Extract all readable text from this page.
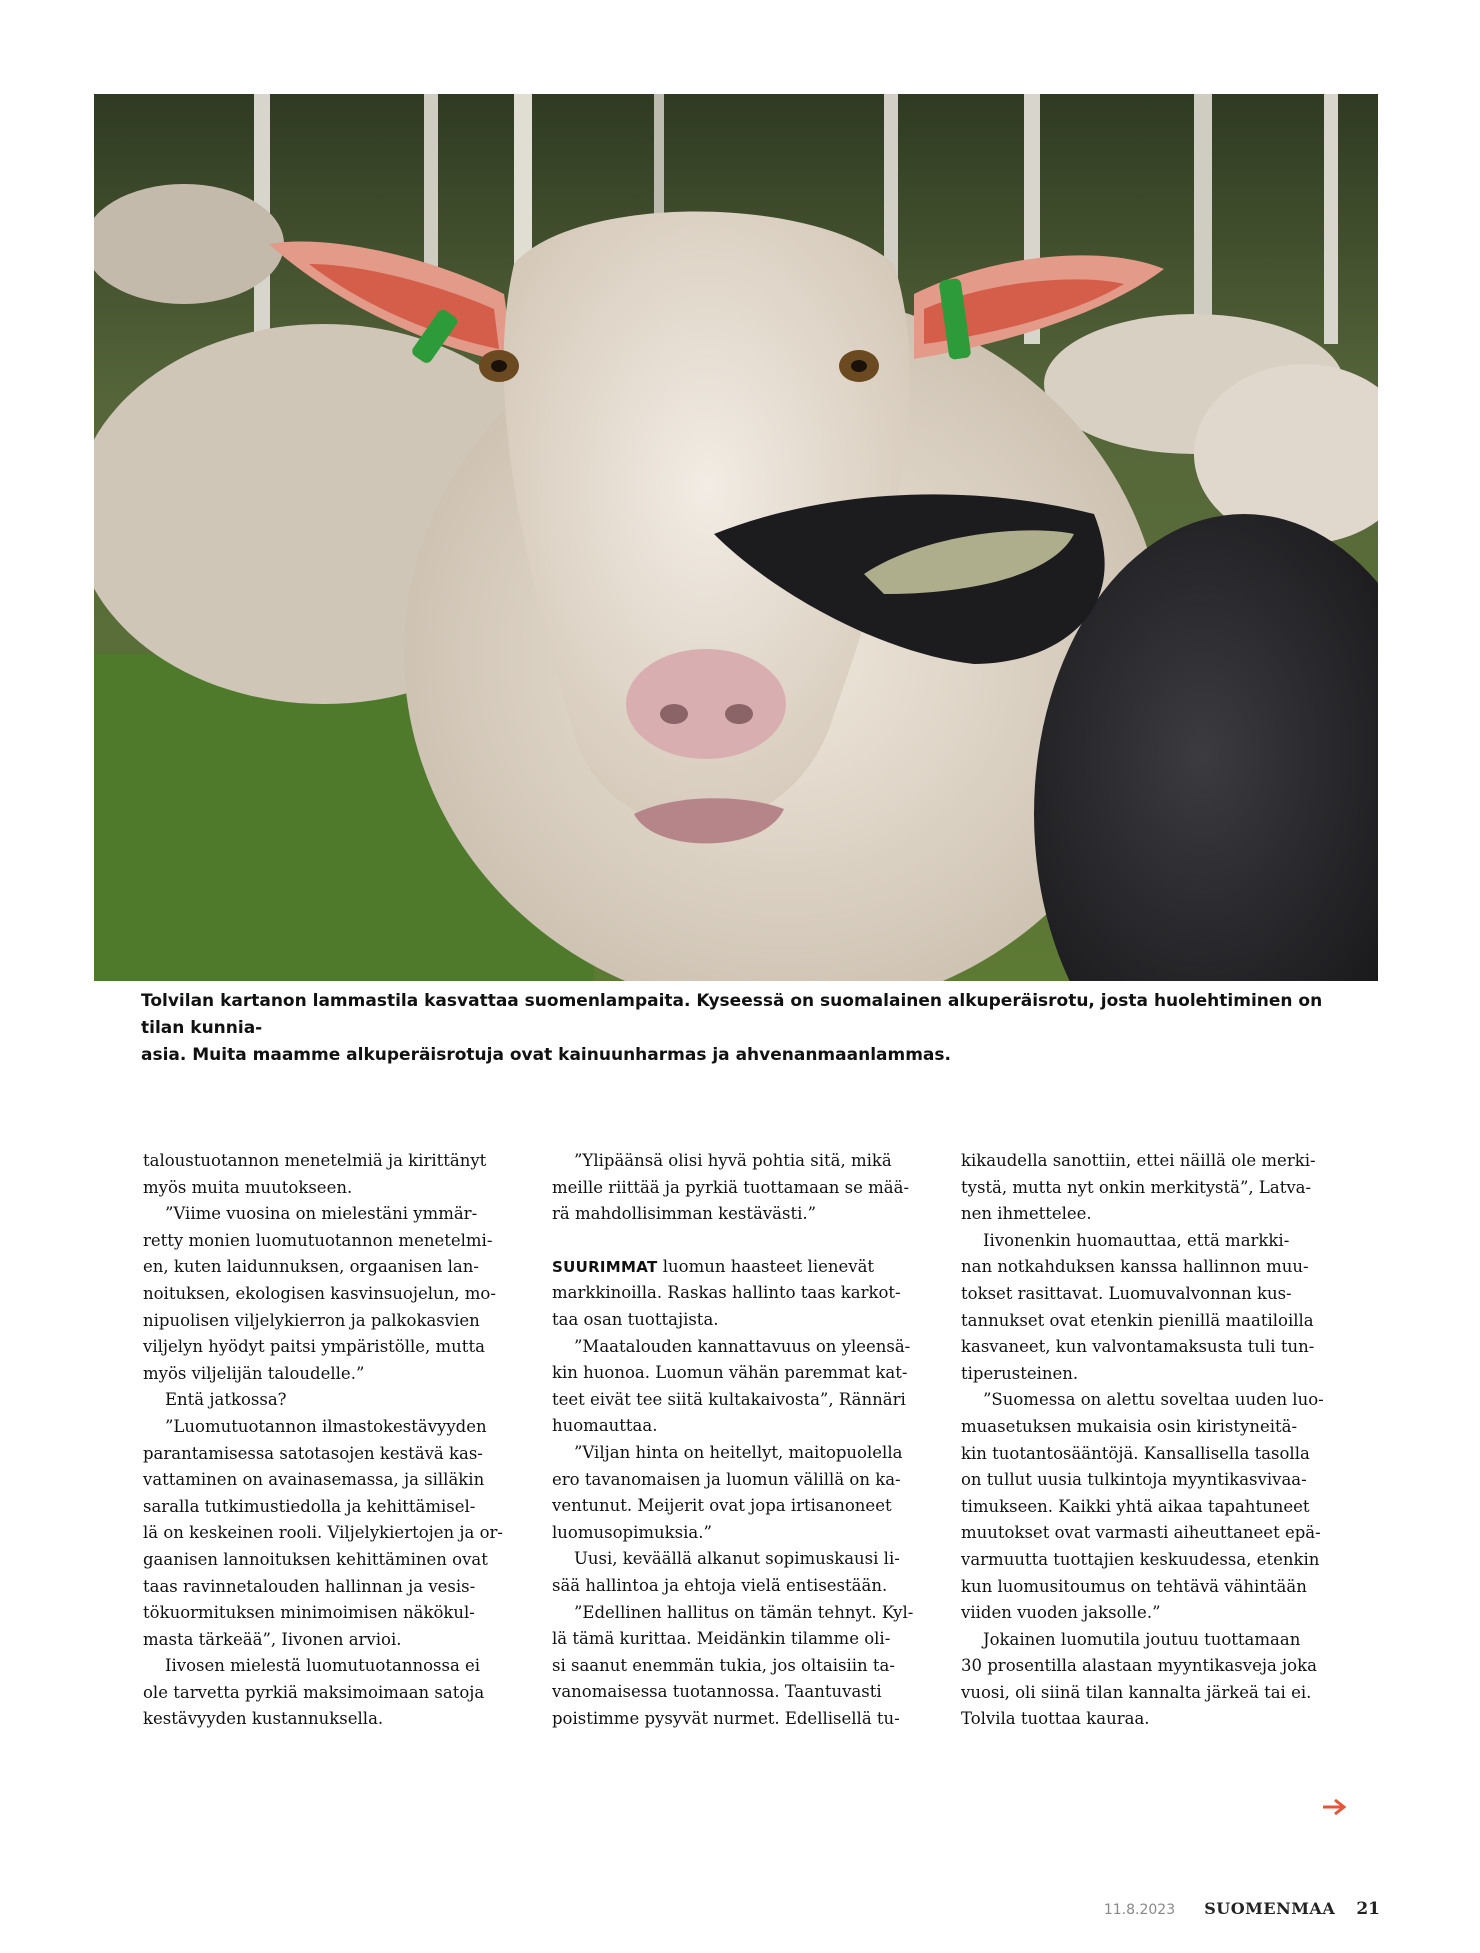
Tolvilan kartanon lammastila kasvattaa suomenlampaita. Kyseessä on suomalainen alkuperäisrotu, josta huolehtiminen on tilan kunnia-
asia. Muita maamme alkuperäisrotuja ovat kainuunharmas ja ahvenanmaanlammas.

taloustuotannon menetelmiä ja kirittänyt
myös muita muutokseen.

”Viime vuosina on mielestäni ymmär-
retty monien luomutuotannon menetelmi-
en, kuten laidunnuksen, orgaanisen lan-
noituksen, ekologisen kasvinsuojelun, mo-
nipuolisen viljelykierron ja palkokasvien
viljelyn hyödyt paitsi ympäristölle, mutta
myös viljelijän taloudelle.”

Entä jatkossa?

”Luomutuotannon ilmastokestävyyden
parantamisessa satotasojen kestävä kas-
vattaminen on avainasemassa, ja silläkin
saralla tutkimustiedolla ja kehittämisel-
lä on keskeinen rooli. Viljelykiertojen ja or-
gaanisen lannoituksen kehittäminen ovat
taas ravinnetalouden hallinnan ja vesis-
tökuormituksen minimoimisen näkökul-
masta tärkeää”, Iivonen arvioi.

Iivosen mielestä luomutuotannossa ei
ole tarvetta pyrkiä maksimoimaan satoja
kestävyyden kustannuksella.

”Ylipäänsä olisi hyvä pohtia sitä, mikä
meille riittää ja pyrkiä tuottamaan se mää-
rä mahdollisimman kestävästi.”

SUURIMMAT luomun haasteet lienevät
markkinoilla. Raskas hallinto taas karkot-
taa osan tuottajista.

”Maatalouden kannattavuus on yleensä-
kin huonoa. Luomun vähän paremmat kat-
teet eivät tee siitä kultakaivosta”, Rännäri
huomauttaa.

”Viljan hinta on heitellyt, maitopuolella
ero tavanomaisen ja luomun välillä on ka-
ventunut. Meijerit ovat jopa irtisanoneet
luomusopimuksia.”

Uusi, keväällä alkanut sopimuskausi li-
sää hallintoa ja ehtoja vielä entisestään.

”Edellinen hallitus on tämän tehnyt. Kyl-
lä tämä kurittaa. Meidänkin tilamme oli-
si saanut enemmän tukia, jos oltaisiin ta-
vanomaisessa tuotannossa. Taantuvasti
poistimme pysyvät nurmet. Edellisellä tu-

kikaudella sanottiin, ettei näillä ole merki-
tystä, mutta nyt onkin merkitystä”, Latva-
nen ihmettelee.

Iivonenkin huomauttaa, että markki-
nan notkahduksen kanssa hallinnon muu-
tokset rasittavat. Luomuvalvonnan kus-
tannukset ovat etenkin pienillä maatiloilla
kasvaneet, kun valvontamaksusta tuli tun-
tiperusteinen.

”Suomessa on alettu soveltaa uuden luo-
muasetuksen mukaisia osin kiristyneitä-
kin tuotantosääntöjä. Kansallisella tasolla
on tullut uusia tulkintoja myyntikasvivaa-
timukseen. Kaikki yhtä aikaa tapahtuneet
muutokset ovat varmasti aiheuttaneet epä-
varmuutta tuottajien keskuudessa, etenkin
kun luomusitoumus on tehtävä vähintään
viiden vuoden jaksolle.”

Jokainen luomutila joutuu tuottamaan
30 prosentilla alastaan myyntikasveja joka
vuosi, oli siinä tilan kannalta järkeä tai ei.
Tolvila tuottaa kauraa.

11.8.2023 SUOMENMAA 21
